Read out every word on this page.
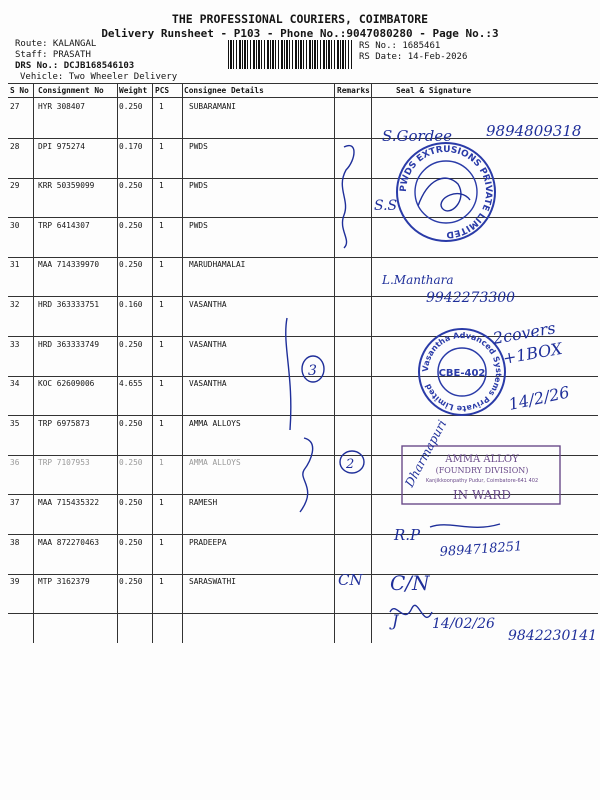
THE PROFESSIONAL COURIERS, COIMBATORE
Delivery Runsheet - P103 - Phone No.:9047080280 - Page No.:3
Route: KALANGAL
Staff: PRASATH
DRS No.: DCJB168546103
Vehicle: Two Wheeler Delivery
RS No.: 1685461
RS Date: 14-Feb-2026
S No Consignment No Weight PCS Consignee Details	Remarks	Seal & Signature
27 HYR 308407	0.250 1	SUBARAMANI
28 DPI 975274	0.170 1	PWDS
29 KRR 50359099	0.250 1	PWDS
30 TRP 6414307	0.250 1	PWDS
31 MAA 714339970	0.250 1	MARUDHAMALAI
32 HRD 363333751	0.160 1	VASANTHA
33 HRD 363333749	0.250 1	VASANTHA
34 KOC 62609006	4.655 1	VASANTHA
35 TRP 6975873	0.250 1	AMMA ALLOYS
36 TRP 7107953	0.250 1	AMMA ALLOYS
37 MAA 715435322	0.250 1	RAMESH
38 MAA 872270463	0.250 1	PRADEEPA
39 MTP 3162379	0.250 1	SARASWATHI
PWDS EXTRUSIONS PRIVATE LIMITED
Vasantha Advanced Systems Private Limited
CBE-402
AMMA ALLOY
(FOUNDRY DIVISION)
Kanjikkoonpathy Pudur, Coimbatore-641 402
IN WARD
S.Gordee 9894809318
S.S
L.Manthara
9942273300
2covers
+1BOX
14/2/26
3
2	Dharmapuri
R.P
9894718251
CN C/N
J 14/02/26
9842230141
